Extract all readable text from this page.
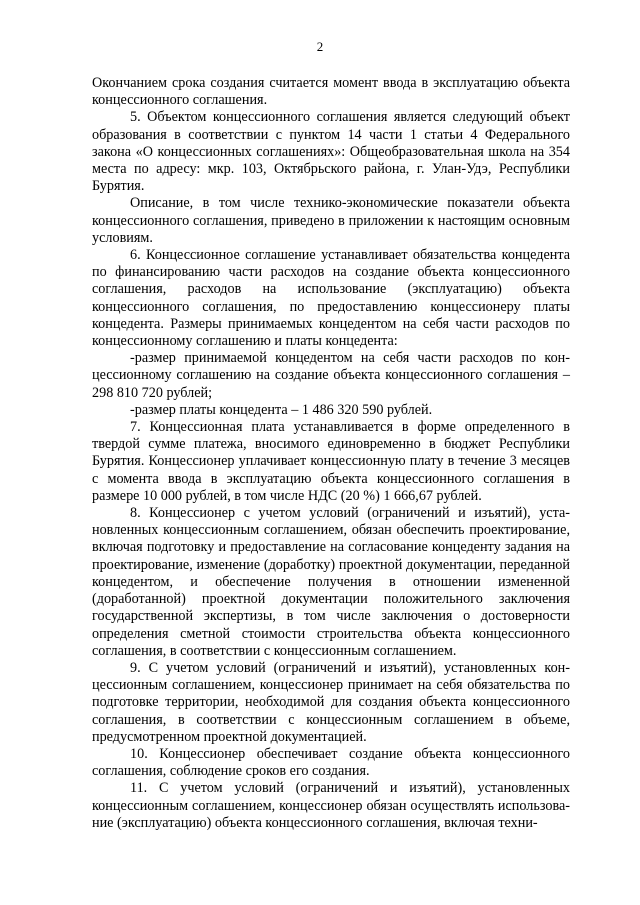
2

Окончанием срока создания считается момент ввода в эксплуатацию объекта концессионного соглашения.

5. Объектом концессионного соглашения является следующий объект образования в соответствии с пунктом 14 части 1 статьи 4 Федерального закона «О концессионных соглашениях»: Общеобразовательная школа на 354 места по адресу: мкр. 103, Октябрьского района, г. Улан-Удэ, Республики Бурятия.

Описание, в том числе технико-экономические показатели объекта концессионного соглашения, приведено в приложении к настоящим основным условиям.

6. Концессионное соглашение устанавливает обязательства концедента по финансированию части расходов на создание объекта концессионного соглашения, расходов на использование (эксплуатацию) объекта концессионного соглашения, по предоставлению концессионеру платы концедента. Размеры принимаемых концедентом на себя части расходов по концессионному соглашению и платы концедента:

-размер принимаемой концедентом на себя части расходов по концессионному соглашению на создание объекта концессионного соглашения – 298 810 720 рублей;

-размер платы концедента – 1 486 320 590 рублей.

7. Концессионная плата устанавливается в форме определенного в твердой сумме платежа, вносимого единовременно в бюджет Республики Бурятия. Концессионер уплачивает концессионную плату в течение 3 месяцев с момента ввода в эксплуатацию объекта концессионного соглашения в размере 10 000 рублей, в том числе НДС (20 %) 1 666,67 рублей.

8. Концессионер с учетом условий (ограничений и изъятий), установленных концессионным соглашением, обязан обеспечить проектирование, включая подготовку и предоставление на согласование концеденту задания на проектирование, изменение (доработку) проектной документации, переданной концедентом, и обеспечение получения в отношении измененной (доработанной) проектной документации положительного заключения государственной экспертизы, в том числе заключения о достоверности определения сметной стоимости строительства объекта концессионного соглашения, в соответствии с концессионным соглашением.

9. С учетом условий (ограничений и изъятий), установленных концессионным соглашением, концессионер принимает на себя обязательства по подготовке территории, необходимой для создания объекта концессионного соглашения, в соответствии с концессионным соглашением в объеме, предусмотренном проектной документацией.

10. Концессионер обеспечивает создание объекта концессионного соглашения, соблюдение сроков его создания.

11. С учетом условий (ограничений и изъятий), установленных концессионным соглашением, концессионер обязан осуществлять использование (эксплуатацию) объекта концессионного соглашения, включая техни-
